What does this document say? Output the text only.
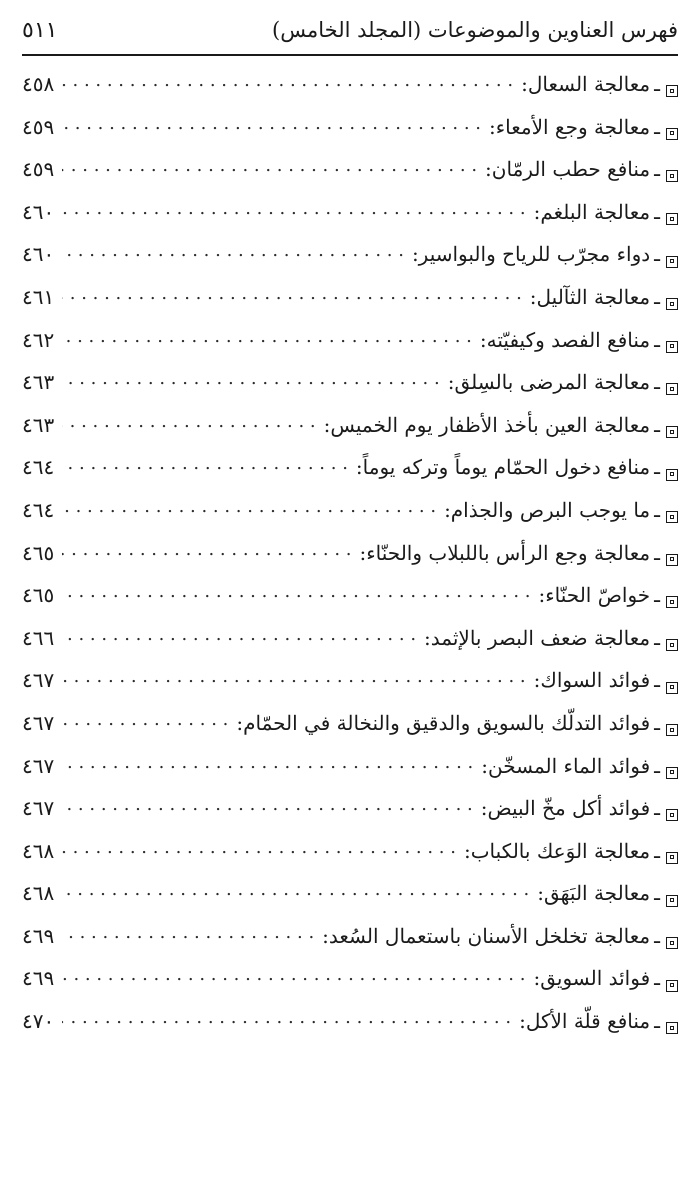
فهرس العناوين والموضوعات (المجلد الخامس)
٥١١
ـ
معالجة السعال:
. . .
٤٥٨
ـ
معالجة وجع الأمعاء:
. . .
٤٥٩
ـ
منافع حطب الرمّان:
. . .
٤٥٩
ـ
معالجة البلغم:
. . .
٤٦٠
ـ
دواء مجرّب للرياح والبواسير:
. . .
٤٦٠
ـ
معالجة الثآليل:
. . .
٤٦١
ـ
منافع الفصد وكيفيّته:
. . .
٤٦٢
ـ
معالجة المرضى بالسِلق:
. . .
٤٦٣
ـ
معالجة العين بأخذ الأظفار يوم الخميس:
. . .
٤٦٣
ـ
منافع دخول الحمّام يوماً وتركه يوماً:
. . .
٤٦٤
ـ
ما يوجب البرص والجذام:
. . .
٤٦٤
ـ
معالجة وجع الرأس باللبلاب والحنّاء:
. . .
٤٦٥
ـ
خواصّ الحنّاء:
. . .
٤٦٥
ـ
معالجة ضعف البصر بالإثمد:
. . .
٤٦٦
ـ
فوائد السواك:
. . .
٤٦٧
ـ
فوائد التدلّك بالسويق والدقيق والنخالة في الحمّام:
. . .
٤٦٧
ـ
فوائد الماء المسخّن:
. . .
٤٦٧
ـ
فوائد أكل مخّ البيض:
. . .
٤٦٧
ـ
معالجة الوَعك بالكباب:
. . .
٤٦٨
ـ
معالجة البَهَق:
. . .
٤٦٨
ـ
معالجة تخلخل الأسنان باستعمال السُعد:
. . .
٤٦٩
ـ
فوائد السويق:
. . .
٤٦٩
ـ
منافع قلّة الأكل:
. . .
٤٧٠
